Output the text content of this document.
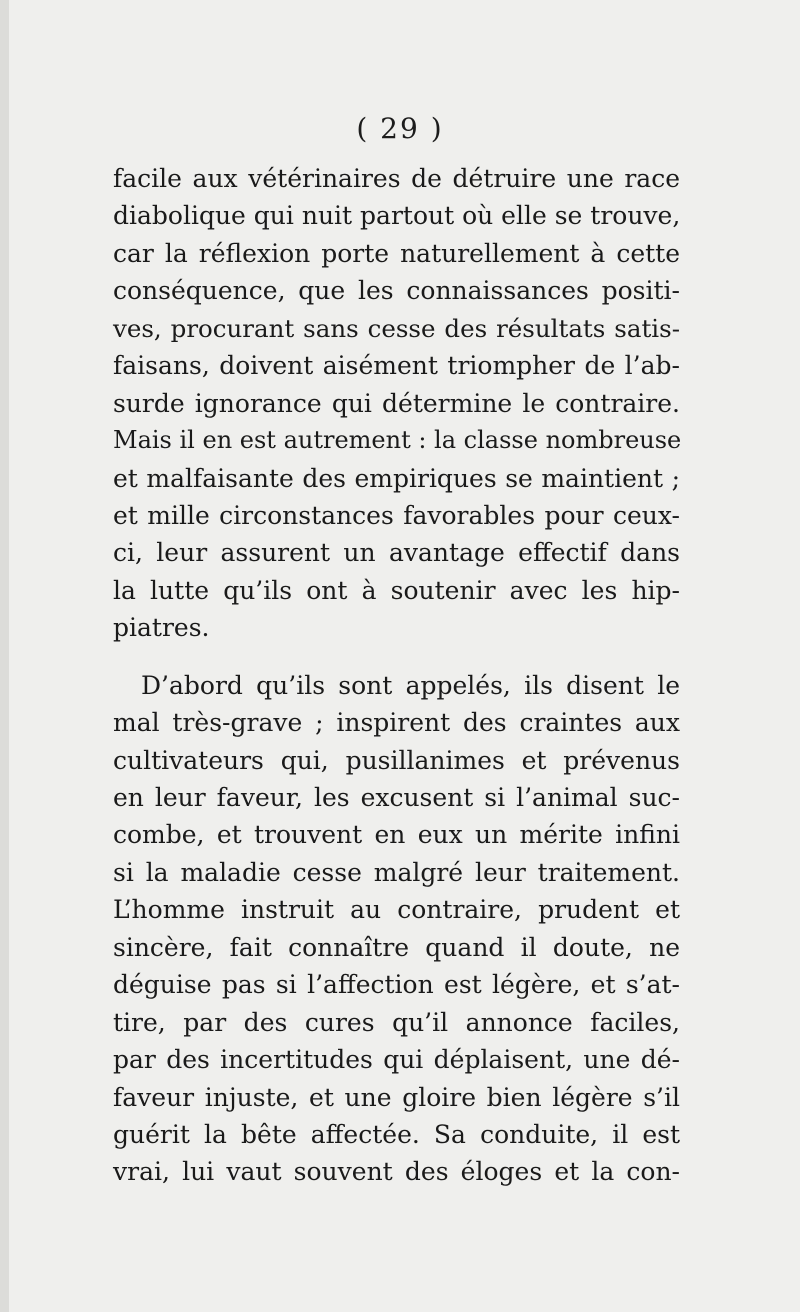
( 29 )
facile aux vétérinaires de détruire une race
diabolique qui nuit partout où elle se trouve,
car la réflexion porte naturellement à cette
conséquence, que les connaissances positi-
ves, procurant sans cesse des résultats satis-
faisans, doivent aisément triompher de l’ab-
surde ignorance qui détermine le contraire.
Mais il en est autrement : la classe nombreuse
et malfaisante des empiriques se maintient ;
et mille circonstances favorables pour ceux-
ci, leur assurent un avantage effectif dans
la lutte qu’ils ont à soutenir avec les hip-
piatres.
D’abord qu’ils sont appelés, ils disent le
mal très-grave ; inspirent des craintes aux
cultivateurs qui, pusillanimes et prévenus
en leur faveur, les excusent si l’animal suc-
combe, et trouvent en eux un mérite infini
si la maladie cesse malgré leur traitement.
L’homme instruit au contraire, prudent et
sincère, fait connaître quand il doute, ne
déguise pas si l’affection est légère, et s’at-
tire, par des cures qu’il annonce faciles,
par des incertitudes qui déplaisent, une dé-
faveur injuste, et une gloire bien légère s’il
guérit la bête affectée. Sa conduite, il est
vrai, lui vaut souvent des éloges et la con-
